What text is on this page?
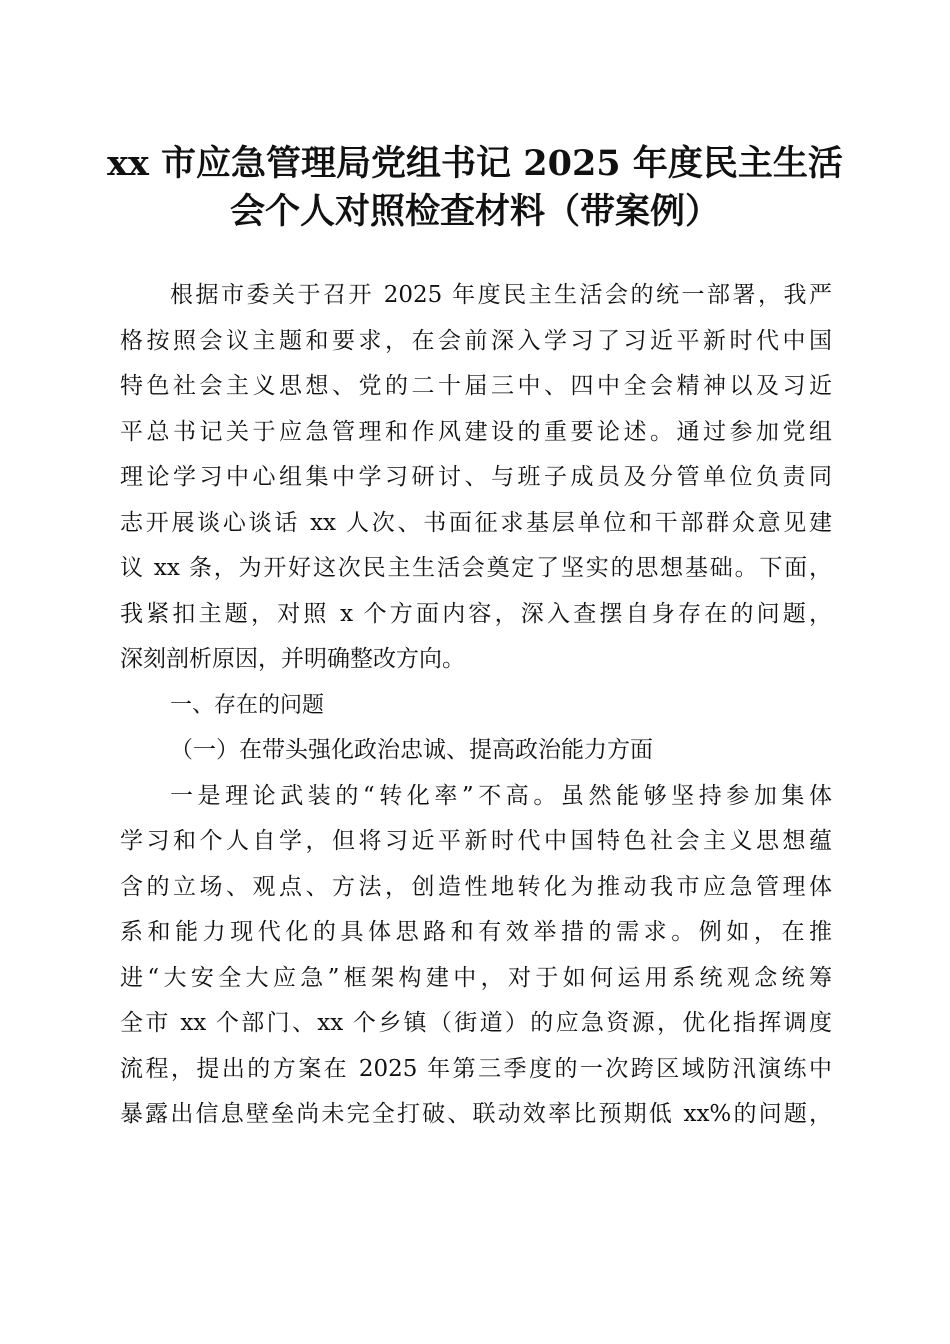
xx 市应急管理局党组书记 2025 年度民主生活
会个人对照检查材料（带案例）
根据市委关于召开 2025 年度民主生活会的统一部署，我严
格按照会议主题和要求，在会前深入学习了习近平新时代中国
特色社会主义思想、党的二十届三中、四中全会精神以及习近
平总书记关于应急管理和作风建设的重要论述。通过参加党组
理论学习中心组集中学习研讨、与班子成员及分管单位负责同
志开展谈心谈话 xx 人次、书面征求基层单位和干部群众意见建
议 xx 条，为开好这次民主生活会奠定了坚实的思想基础。下面，
我紧扣主题，对照 x 个方面内容，深入查摆自身存在的问题，
深刻剖析原因，并明确整改方向。
一、存在的问题
（一）在带头强化政治忠诚、提高政治能力方面
一是理论武装的“转化率”不高。虽然能够坚持参加集体
学习和个人自学，但将习近平新时代中国特色社会主义思想蕴
含的立场、观点、方法，创造性地转化为推动我市应急管理体
系和能力现代化的具体思路和有效举措的需求。例如，在推
进“大安全大应急”框架构建中，对于如何运用系统观念统筹
全市 xx 个部门、xx 个乡镇（街道）的应急资源，优化指挥调度
流程，提出的方案在 2025 年第三季度的一次跨区域防汛演练中
暴露出信息壁垒尚未完全打破、联动效率比预期低 xx%的问题，
